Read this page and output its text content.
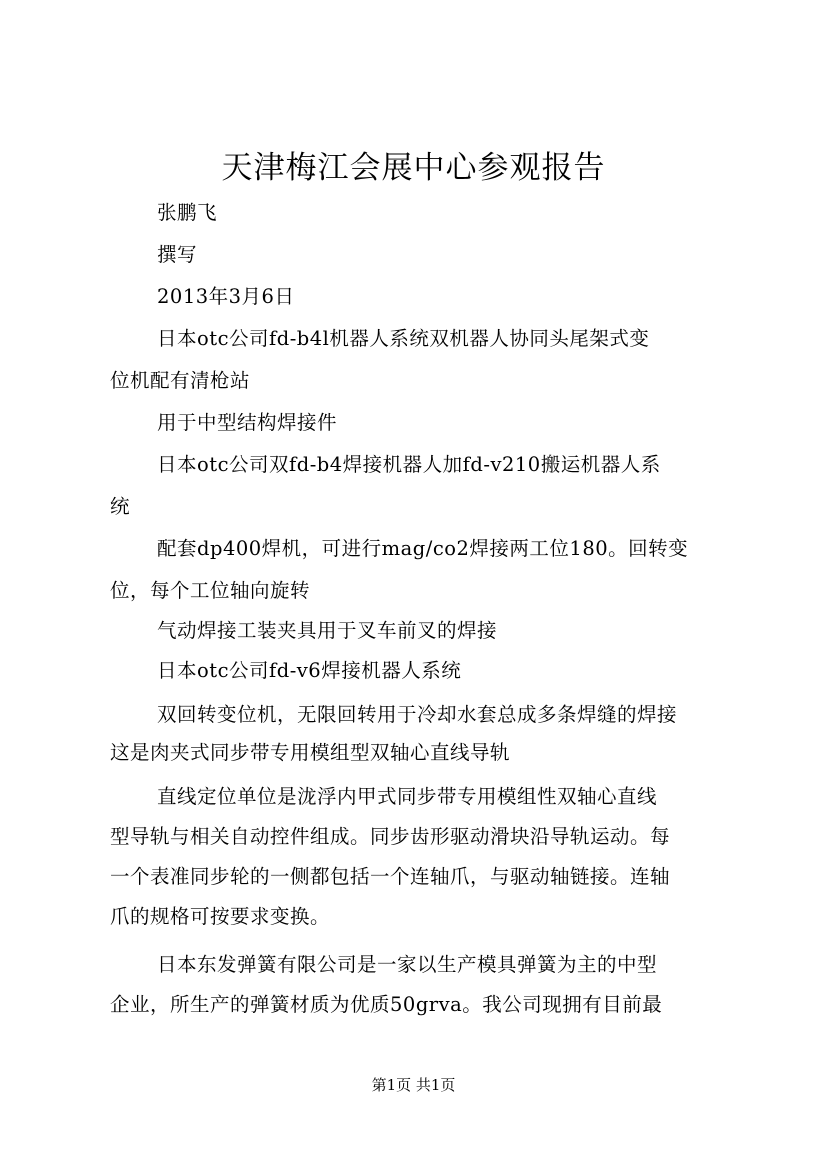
天津梅江会展中心参观报告
张鹏飞
撰写
2013年3月6日
日本otc公司fd-b4l机器人系统双机器人协同头尾架式变
位机配有清枪站
用于中型结构焊接件
日本otc公司双fd-b4焊接机器人加fd-v210搬运机器人系
统
配套dp400焊机，可进行mag/co2焊接两工位180。回转变
位，每个工位轴向旋转
气动焊接工装夹具用于叉车前叉的焊接
日本otc公司fd-v6焊接机器人系统
双回转变位机，无限回转用于冷却水套总成多条焊缝的焊接
这是肉夹式同步带专用模组型双轴心直线导轨
直线定位单位是泷浮内甲式同步带专用模组性双轴心直线
型导轨与相关自动控件组成。同步齿形驱动滑块沿导轨运动。每
一个表准同步轮的一侧都包括一个连轴爪，与驱动轴链接。连轴
爪的规格可按要求变换。
日本东发弹簧有限公司是一家以生产模具弹簧为主的中型
企业，所生产的弹簧材质为优质50grva。我公司现拥有目前最
第1页 共1页
